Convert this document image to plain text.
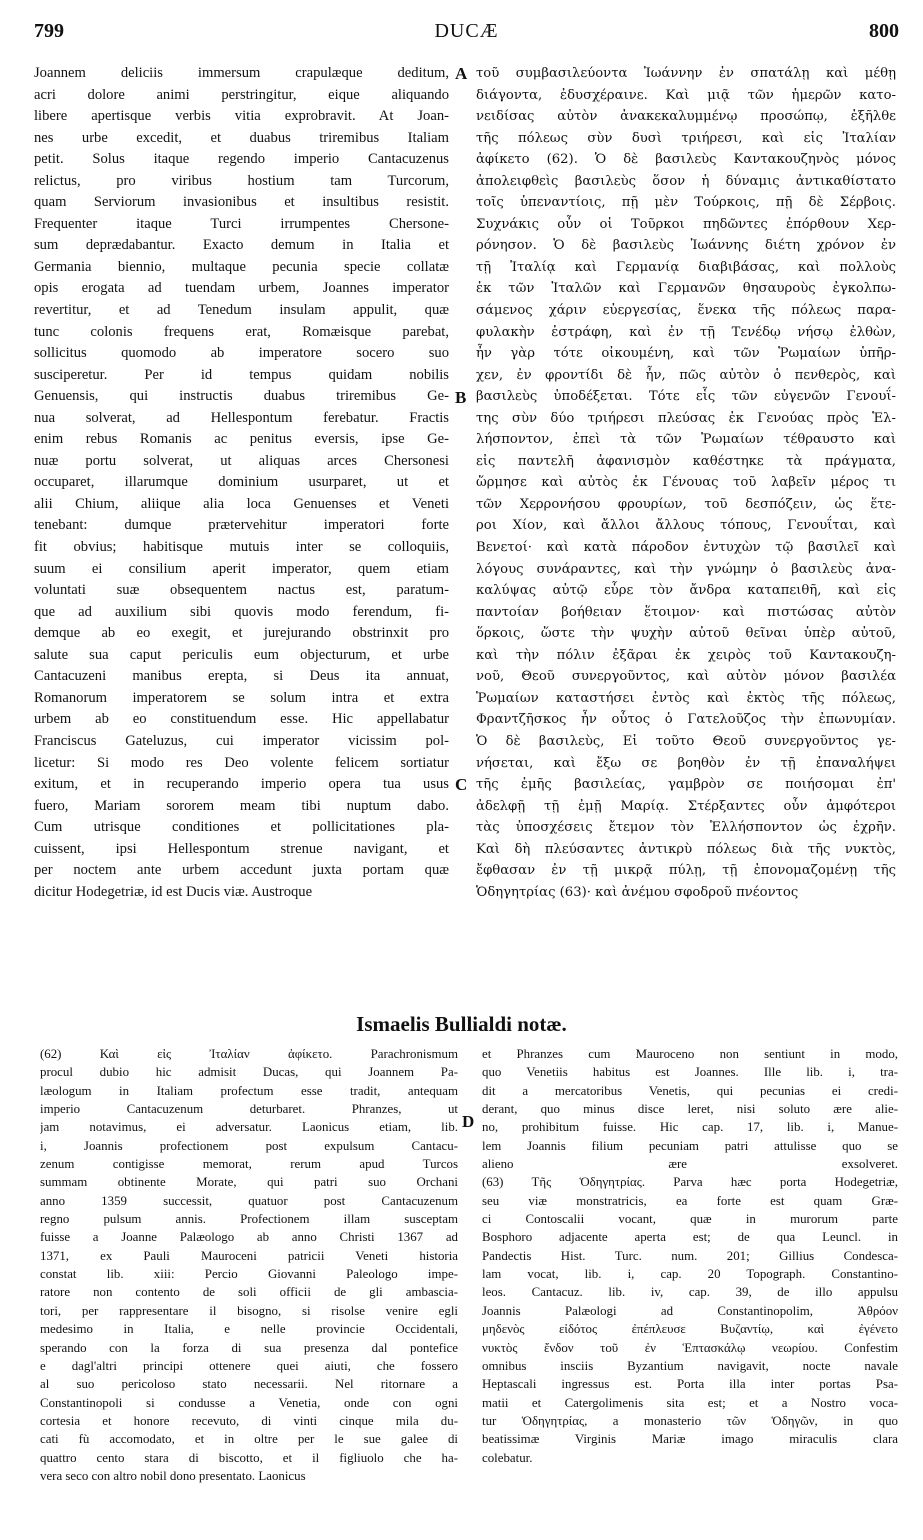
799	DUCÆ	800
Joannem deliciis immersum crapulæque deditum,
acri dolore animi perstringitur, eique aliquando
libere apertisque verbis vitia exprobravit. At Joan-
nes urbe excedit, et duabus triremibus Italiam
petit. Solus itaque regendo imperio Cantacuzenus
relictus, pro viribus hostium tam Turcorum,
quam Serviorum invasionibus et insultibus resistit.
Frequenter itaque Turci irrumpentes Chersone-
sum deprædabantur. Exacto demum in Italia et
Germania biennio, multaque pecunia specie collatæ
opis erogata ad tuendam urbem, Joannes imperator
revertitur, et ad Tenedum insulam appulit, quæ
tunc colonis frequens erat, Romæisque parebat,
sollicitus quomodo ab imperatore socero suo
susciperetur. Per id tempus quidam nobilis
Genuensis, qui instructis duabus triremibus Ge-
nua solverat, ad Hellespontum ferebatur. Fractis
enim rebus Romanis ac penitus eversis, ipse Ge-
nuæ portu solverat, ut aliquas arces Chersonesi
occuparet, illarumque dominium usurparet, ut et
alii Chium, aliique alia loca Genuenses et Veneti
tenebant: dumque prætervehitur imperatori forte
fit obvius; habitisque mutuis inter se colloquiis,
suum ei consilium aperit imperator, quem etiam
voluntati suæ obsequentem nactus est, paratum-
que ad auxilium sibi quovis modo ferendum, fi-
demque ab eo exegit, et jurejurando obstrinxit pro
salute sua caput periculis eum objecturum, et urbe
Cantacuzeni manibus erepta, si Deus ita annuat,
Romanorum imperatorem se solum intra et extra
urbem ab eo constituendum esse. Hic appellabatur
Franciscus Gateluzus, cui imperator vicissim pol-
licetur: Si modo res Deo volente felicem sortiatur
exitum, et in recuperando imperio opera tua usus
fuero, Mariam sororem meam tibi nuptum dabo.
Cum utrisque conditiones et pollicitationes pla-
cuissent, ipsi Hellespontum strenue navigant, et
per noctem ante urbem accedunt juxta portam quæ
dicitur Hodegetriæ, id est Ducis viæ. Austroque
τοῦ συμβασιλεύοντα Ἰωάννην ἐν σπατάλῃ καὶ μέθῃ
διάγοντα, ἐδυσχέραινε. Καὶ μιᾷ τῶν ἡμερῶν κατο-
νειδίσας αὐτὸν ἀνακεκαλυμμένῳ προσώπῳ, ἐξῆλθε
τῆς πόλεως σὺν δυσὶ τριήρεσι, καὶ εἰς Ἰταλίαν
ἀφίκετο (62). Ὁ δὲ βασιλεὺς Καντακουζηνὸς μόνος
ἀπολειφθεὶς βασιλεὺς ὅσον ἡ δύναμις ἀντικαθίστατο
τοῖς ὑπεναντίοις, πῇ μὲν Τούρκοις, πῇ δὲ Σέρβοις.
Συχνάκις οὖν οἱ Τοῦρκοι πηδῶντες ἐπόρθουν Χερ-
ρόνησον. Ὁ δὲ βασιλεὺς Ἰωάννης διέτη χρόνον ἐν
τῇ Ἰταλίᾳ καὶ Γερμανίᾳ διαβιβάσας, καὶ πολλοὺς
ἐκ τῶν Ἰταλῶν καὶ Γερμανῶν θησαυροὺς ἐγκολπω-
σάμενος χάριν εὐεργεσίας, ἕνεκα τῆς πόλεως παρα-
φυλακὴν ἐστράφη, καὶ ἐν τῇ Τενέδῳ νήσῳ ἐλθὼν,
ἦν γὰρ τότε οἰκουμένη, καὶ τῶν Ῥωμαίων ὑπῆρ-
χεν, ἐν φροντίδι δὲ ἦν, πῶς αὐτὸν ὁ πενθερὸς, καὶ
βασιλεὺς ὑποδέξεται. Τότε εἷς τῶν εὐγενῶν Γενουΐ-
της σὺν δύο τριήρεσι πλεύσας ἐκ Γενούας πρὸς Ἑλ-
λήσποντον, ἐπεὶ τὰ τῶν Ῥωμαίων τέθραυστο καὶ
εἰς παντελῆ ἀφανισμὸν καθέστηκε τὰ πράγματα,
ὥρμησε καὶ αὐτὸς ἐκ Γένουας τοῦ λαβεῖν μέρος τι
τῶν Χερρονήσου φρουρίων, τοῦ δεσπόζειν, ὡς ἕτε-
ροι Χίον, καὶ ἄλλοι ἄλλους τόπους, Γενουΐται, καὶ
Βενετοί· καὶ κατὰ πάροδον ἐντυχὼν τῷ βασιλεῖ καὶ
λόγους συνάραντες, καὶ τὴν γνώμην ὁ βασιλεὺς ἀνα-
καλύψας αὐτῷ εὗρε τὸν ἄνδρα καταπειθῆ, καὶ εἰς
παντοίαν βοήθειαν ἕτοιμον· καὶ πιστώσας αὐτὸν
ὅρκοις, ὥστε τὴν ψυχὴν αὐτοῦ θεῖναι ὑπὲρ αὐτοῦ,
καὶ τὴν πόλιν ἐξᾶραι ἐκ χειρὸς τοῦ Καντακουζη-
νοῦ, Θεοῦ συνεργοῦντος, καὶ αὐτὸν μόνον βασιλέα
Ῥωμαίων καταστήσει ἐντὸς καὶ ἐκτὸς τῆς πόλεως,
Φραντζῆσκος ἦν οὗτος ὁ Γατελοῦζος τὴν ἐπωνυμίαν.
Ὁ δὲ βασιλεὺς, Εἰ τοῦτο Θεοῦ συνεργοῦντος γε-
νήσεται, καὶ ἔξω σε βοηθὸν ἐν τῇ ἐπαναλήψει
τῆς ἐμῆς βασιλείας, γαμβρὸν σε ποιήσομαι ἐπ'
ἀδελφῇ τῇ ἐμῇ Μαρίᾳ. Στέρξαντες οὖν ἀμφότεροι
τὰς ὑποσχέσεις ἔτεμον τὸν Ἑλλήσποντον ὡς ἐχρῆν.
Καὶ δὴ πλεύσαντες ἀντικρὺ πόλεως διὰ τῆς νυκτὸς,
ἔφθασαν ἐν τῇ μικρᾷ πύλῃ, τῇ ἐπονομαζομένῃ τῆς
Ὁδηγητρίας (63)· καὶ ἀνέμου σφοδροῦ πνέοντος
A
B
C
D
Ismaelis Bullialdi notæ.
(62) Καὶ εἰς Ἰταλίαν ἀφίκετο. Parachronismum
procul dubio hic admisit Ducas, qui Joannem Pa-
læologum in Italiam profectum esse tradit, antequam
imperio Cantacuzenum deturbaret. Phranzes, ut
jam notavimus, ei adversatur. Laonicus etiam, lib.
i, Joannis profectionem post expulsum Cantacu-
zenum contigisse memorat, rerum apud Turcos
summam obtinente Morate, qui patri suo Orchani
anno 1359 successit, quatuor post Cantacuzenum
regno pulsum annis. Profectionem illam susceptam
fuisse a Joanne Palæologo ab anno Christi 1367 ad
1371, ex Pauli Mauroceni patricii Veneti historia
constat lib. xiii: Percio Giovanni Paleologo impe-
ratore non contento de soli officii de gli ambascia-
tori, per rappresentare il bisogno, si risolse venire egli
medesimo in Italia, e nelle provincie Occidentali,
sperando con la forza di sua presenza dal pontefice
e dagl'altri principi ottenere quei aiuti, che fossero
al suo pericoloso stato necessarii. Nel ritornare a
Constantinopoli si condusse a Venetia, onde con ogni
cortesia et honore recevuto, di vinti cinque mila du-
cati fù accomodato, et in oltre per le sue galee di
quattro cento stara di biscotto, et il figliuolo che ha-
vera seco con altro nobil dono presentato. Laonicus
et Phranzes cum Mauroceno non sentiunt in modo,
quo Venetiis habitus est Joannes. Ille lib. i, tra-
dit a mercatoribus Venetis, qui pecunias ei credi-
derant, quo minus disce leret, nisi soluto ære alie-
no, prohibitum fuisse. Hic cap. 17, lib. i, Manue-
lem Joannis filium pecuniam patri attulisse quo se
alieno ære exsolveret.
(63) Τῆς Ὁδηγητρίας. Parva hæc porta Hodegetriæ,
seu viæ monstratricis, ea forte est quam Græ-
ci Contoscalii vocant, quæ in murorum parte
Bosphoro adjacente aperta est; de qua Leuncl. in
Pandectis Hist. Turc. num. 201; Gillius Condesca-
lam vocat, lib. i, cap. 20 Topograph. Constantino-
leos. Cantacuz. lib. iv, cap. 39, de illo appulsu
Joannis Palæologi ad Constantinopolim, Ἀθρόον
μηδενὸς εἰδότος ἐπέπλευσε Βυζαντίῳ, καὶ ἐγένετο
νυκτὸς ἔνδον τοῦ ἐν Ἑπτασκάλῳ νεωρίου. Confestim
omnibus insciis Byzantium navigavit, nocte navale
Heptascali ingressus est. Porta illa inter portas Psa-
matii et Catergolimenis sita est; et a Nostro voca-
tur Ὁδηγητρίας, a monasterio τῶν Ὁδηγῶν, in quo
beatissimæ Virginis Mariæ imago miraculis clara
colebatur.
